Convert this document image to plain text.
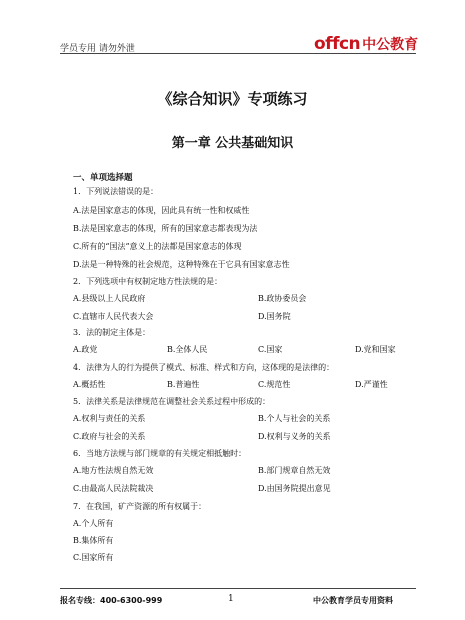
学员专用 请勿外泄	offcn 中公教育
《综合知识》专项练习
第一章 公共基础知识
一、单项选择题
1．下列说法错误的是：
A.法是国家意志的体现，因此具有统一性和权威性
B.法是国家意志的体现，所有的国家意志都表现为法
C.所有的“国法”意义上的法都是国家意志的体现
D.法是一种特殊的社会规范，这种特殊在于它具有国家意志性
2．下列选项中有权制定地方性法规的是：
A.县级以上人民政府	B.政协委员会
C.直辖市人民代表大会	D.国务院
3．法的制定主体是：
A.政党	B.全体人民	C.国家	D.党和国家
4．法律为人的行为提供了模式、标准、样式和方向，这体现的是法律的：
A.概括性	B.普遍性	C.规范性	D.严谨性
5．法律关系是法律规范在调整社会关系过程中形成的：
A.权利与责任的关系	B.个人与社会的关系
C.政府与社会的关系	D.权利与义务的关系
6．当地方法规与部门规章的有关规定相抵触时：
A.地方性法规自然无效	B.部门规章自然无效
C.由最高人民法院裁决	D.由国务院提出意见
7．在我国，矿产资源的所有权属于：
A.个人所有
B.集体所有
C.国家所有
报名专线：400-6300-999	1	中公教育学员专用资料
